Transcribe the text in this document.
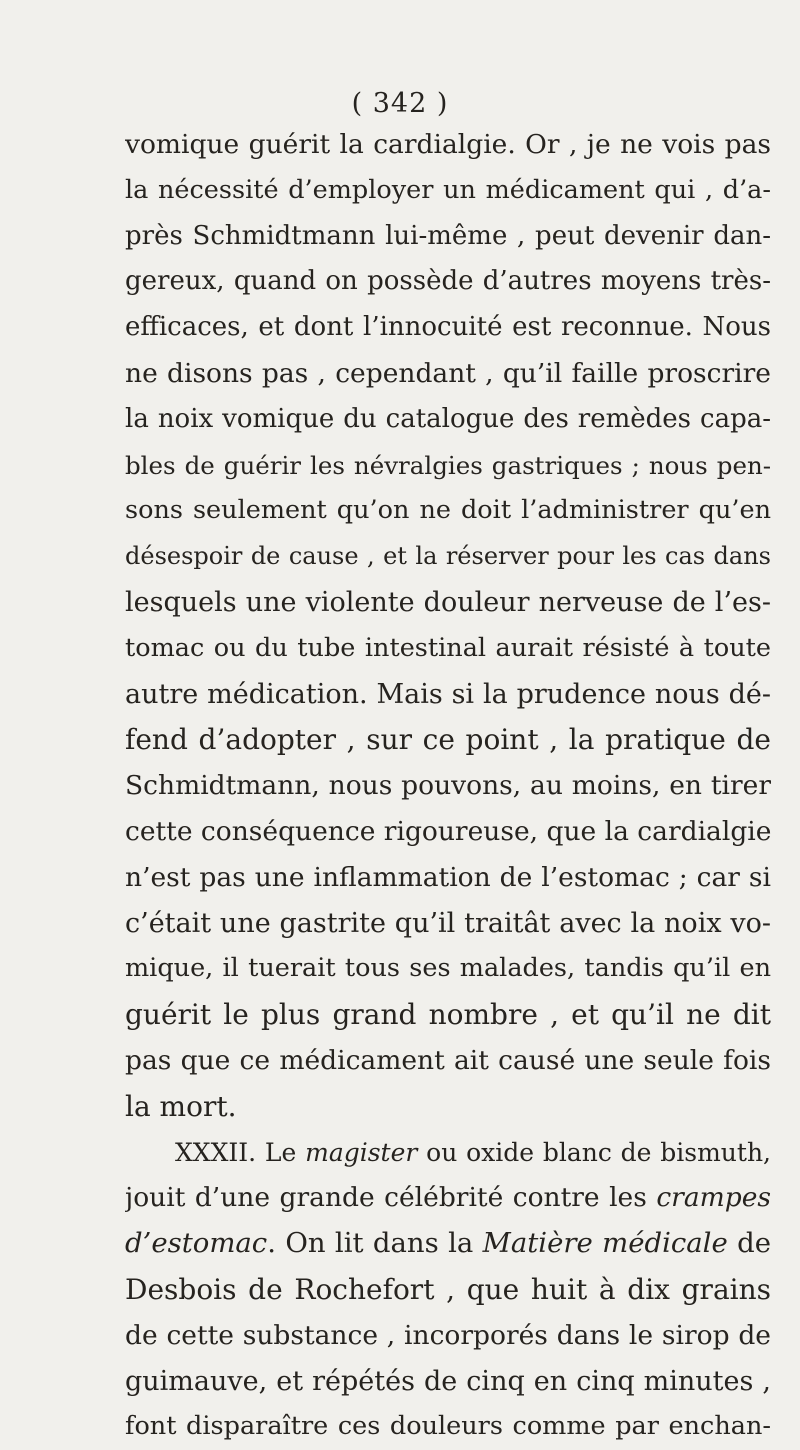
( 342 )
vomique guérit la cardialgie. Or , je ne vois pas
la nécessité d’employer un médicament qui , d’a-
près Schmidtmann lui-même , peut devenir dan-
gereux, quand on possède d’autres moyens très-
efficaces, et dont l’innocuité est reconnue. Nous
ne disons pas , cependant , qu’il faille proscrire
la noix vomique du catalogue des remèdes capa-
bles de guérir les névralgies gastriques ; nous pen-
sons seulement qu’on ne doit l’administrer qu’en
désespoir de cause , et la réserver pour les cas dans
lesquels une violente douleur nerveuse de l’es-
tomac ou du tube intestinal aurait résisté à toute
autre médication. Mais si la prudence nous dé-
fend d’adopter , sur ce point , la pratique de
Schmidtmann, nous pouvons, au moins, en tirer
cette conséquence rigoureuse, que la cardialgie
n’est pas une inflammation de l’estomac ; car si
c’était une gastrite qu’il traitât avec la noix vo-
mique, il tuerait tous ses malades, tandis qu’il en
guérit le plus grand nombre , et qu’il ne dit
pas que ce médicament ait causé une seule fois
la mort.
XXXII. Le magister ou oxide blanc de bismuth,
jouit d’une grande célébrité contre les crampes
d’estomac. On lit dans la Matière médicale de
Desbois de Rochefort , que huit à dix grains
de cette substance , incorporés dans le sirop de
guimauve, et répétés de cinq en cinq minutes ,
font disparaître ces douleurs comme par enchan-
